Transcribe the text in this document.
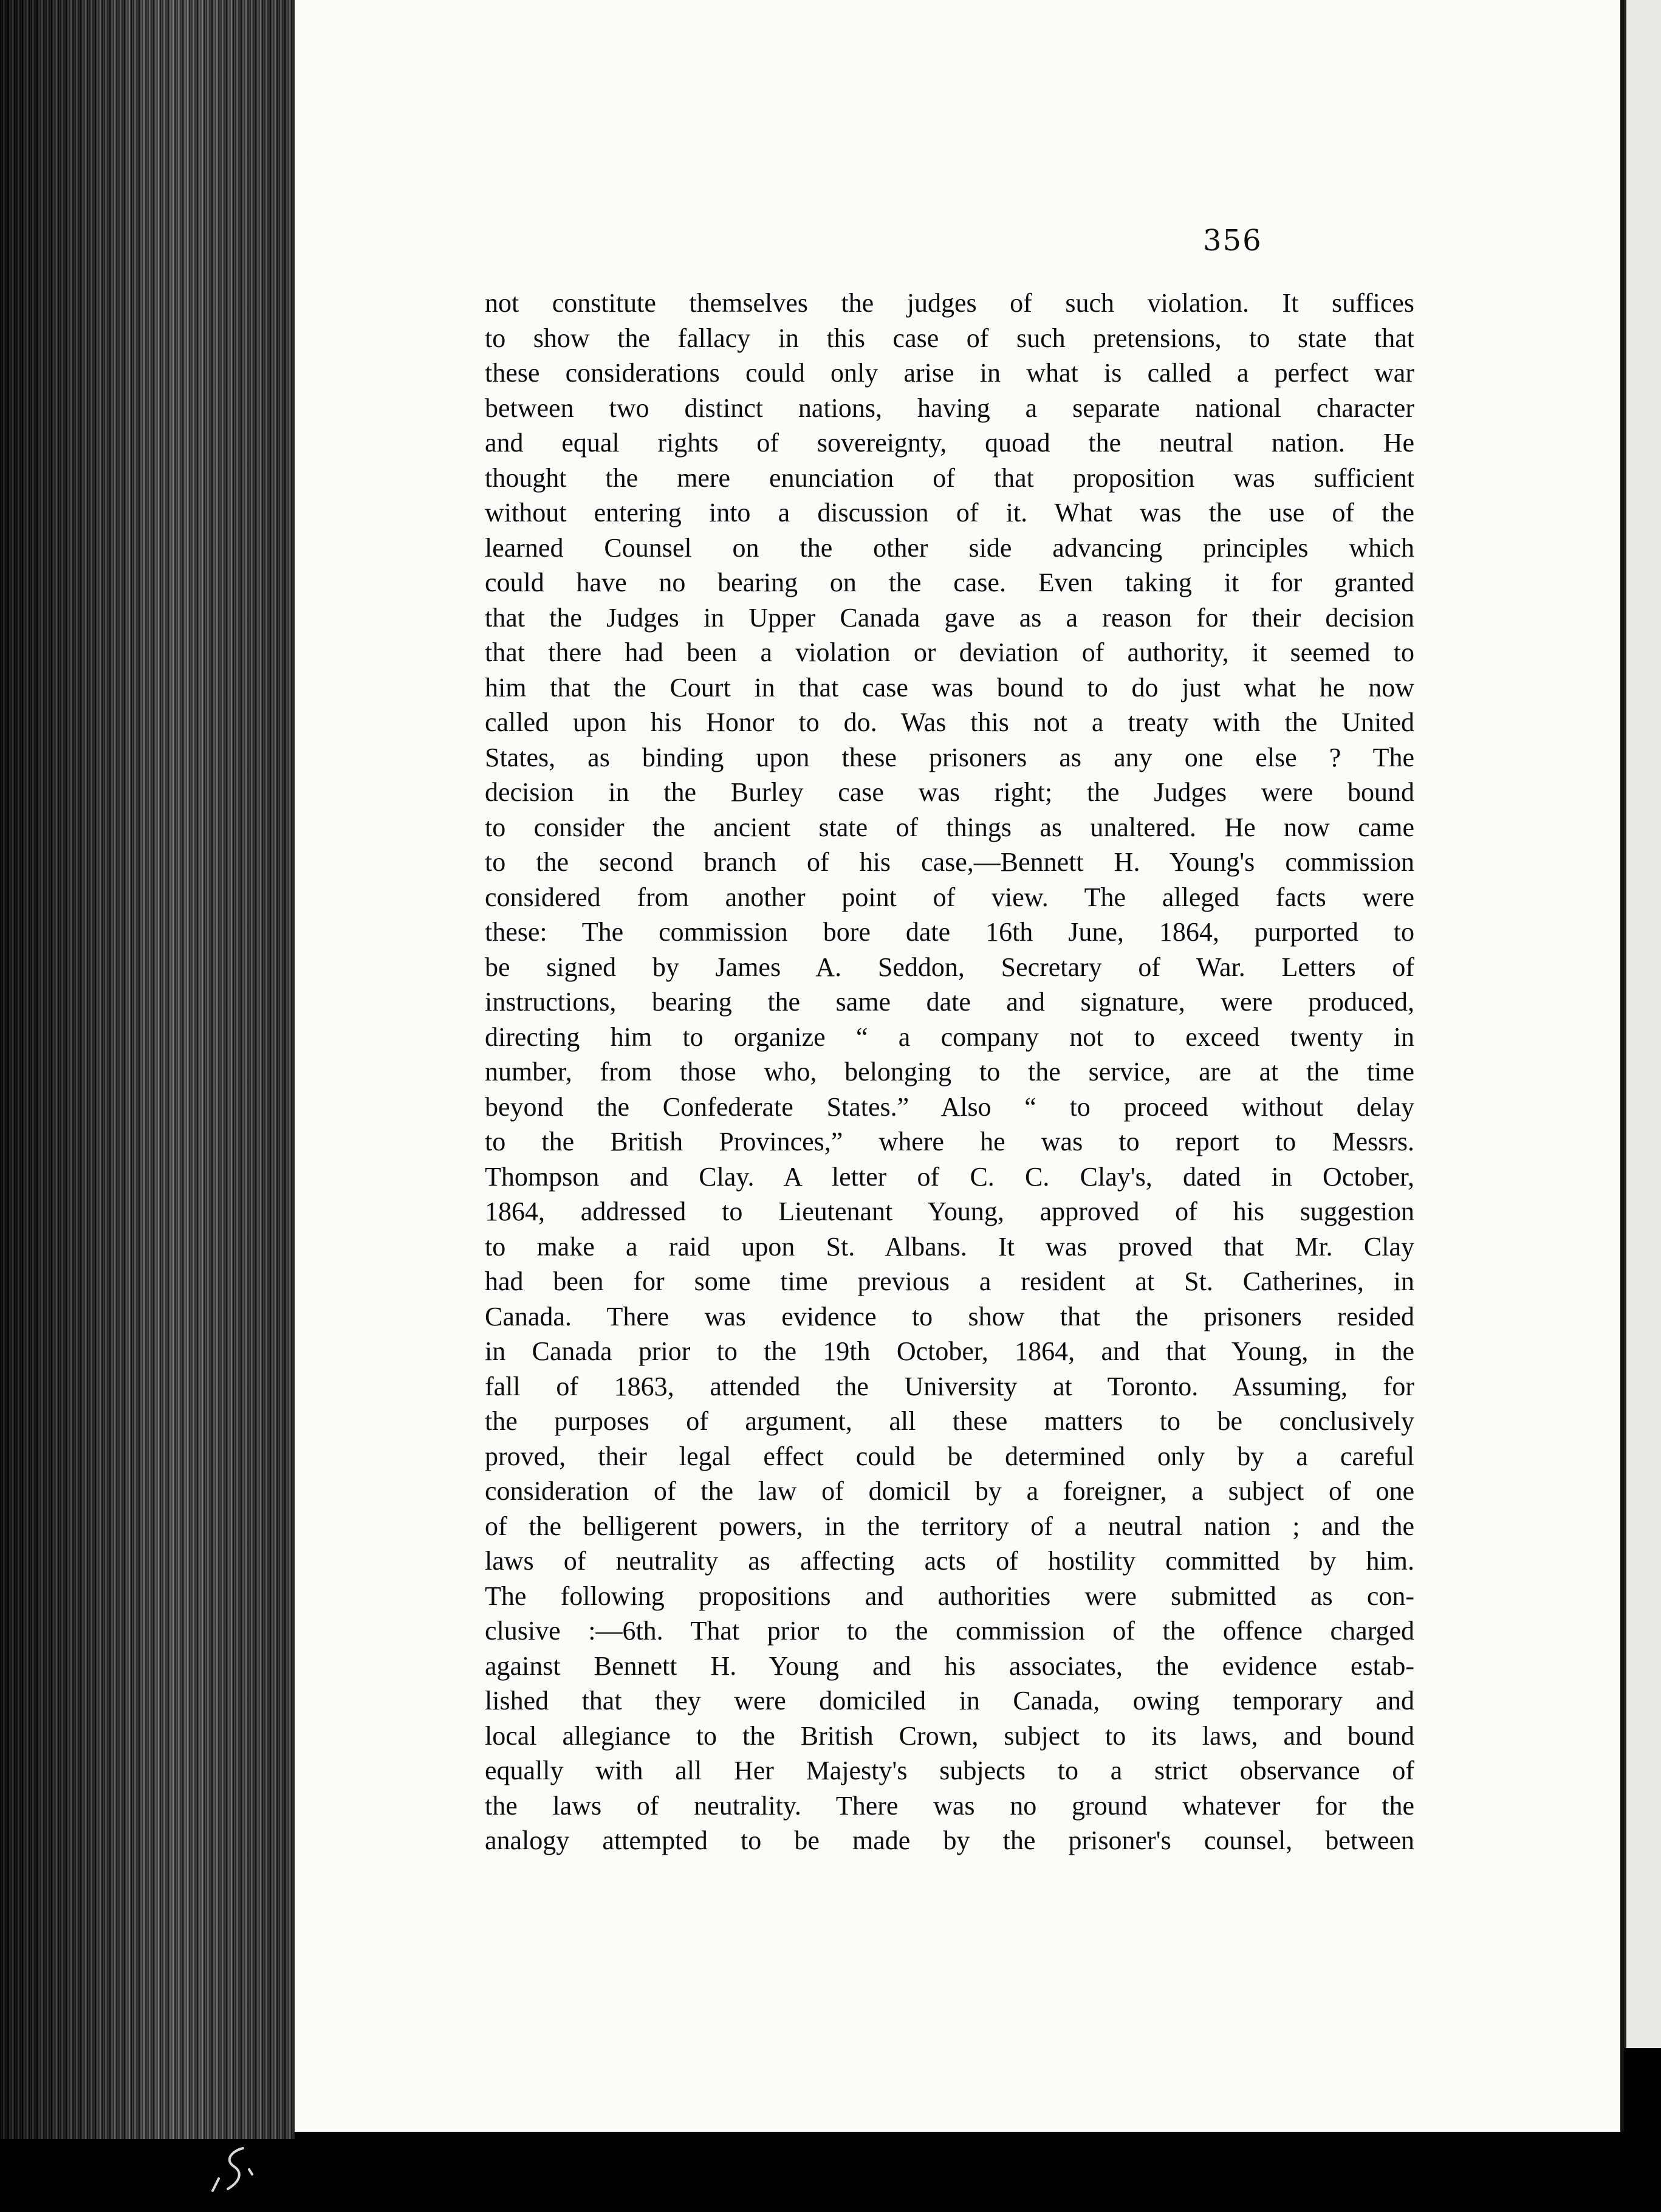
356
not constitute themselves the judges of such violation. It suffices
to show the fallacy in this case of such pretensions, to state that
these considerations could only arise in what is called a perfect war
between two distinct nations, having a separate national character
and equal rights of sovereignty, quoad the neutral nation. He
thought the mere enunciation of that proposition was sufficient
without entering into a discussion of it. What was the use of the
learned Counsel on the other side advancing principles which
could have no bearing on the case. Even taking it for granted
that the Judges in Upper Canada gave as a reason for their decision
that there had been a violation or deviation of authority, it seemed to
him that the Court in that case was bound to do just what he now
called upon his Honor to do. Was this not a treaty with the United
States, as binding upon these prisoners as any one else ? The
decision in the Burley case was right; the Judges were bound
to consider the ancient state of things as unaltered. He now came
to the second branch of his case,—Bennett H. Young's commission
considered from another point of view. The alleged facts were
these: The commission bore date 16th June, 1864, purported to
be signed by James A. Seddon, Secretary of War. Letters of
instructions, bearing the same date and signature, were produced,
directing him to organize “ a company not to exceed twenty in
number, from those who, belonging to the service, are at the time
beyond the Confederate States.” Also “ to proceed without delay
to the British Provinces,” where he was to report to Messrs.
Thompson and Clay. A letter of C. C. Clay's, dated in October,
1864, addressed to Lieutenant Young, approved of his suggestion
to make a raid upon St. Albans. It was proved that Mr. Clay
had been for some time previous a resident at St. Catherines, in
Canada. There was evidence to show that the prisoners resided
in Canada prior to the 19th October, 1864, and that Young, in the
fall of 1863, attended the University at Toronto. Assuming, for
the purposes of argument, all these matters to be conclusively
proved, their legal effect could be determined only by a careful
consideration of the law of domicil by a foreigner, a subject of one
of the belligerent powers, in the territory of a neutral nation ; and the
laws of neutrality as affecting acts of hostility committed by him.
The following propositions and authorities were submitted as con-
clusive :—6th. That prior to the commission of the offence charged
against Bennett H. Young and his associates, the evidence estab-
lished that they were domiciled in Canada, owing temporary and
local allegiance to the British Crown, subject to its laws, and bound
equally with all Her Majesty's subjects to a strict observance of
the laws of neutrality. There was no ground whatever for the
analogy attempted to be made by the prisoner's counsel, between
